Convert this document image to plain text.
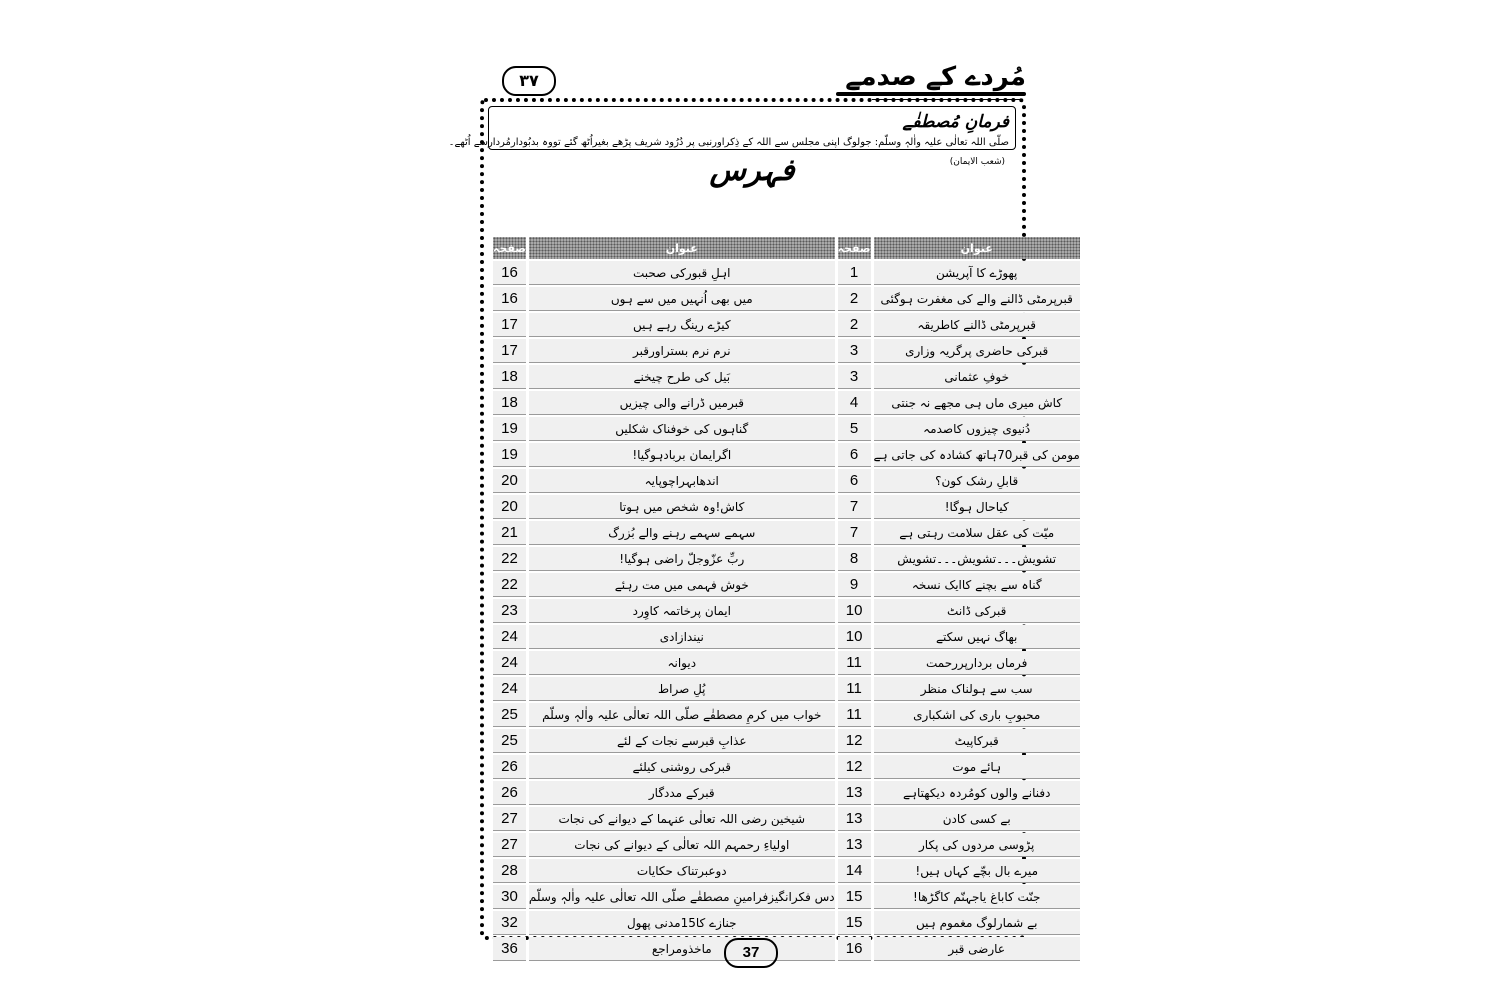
مُردے کے صدمے
۳۷
فرمانِ مُصطفٰے صلّی اللہ تعالٰی علیہ واٰلہٖ وسلّم: جولوگ اپنی مجلس سے اللہ کے ذِکراورنبی پر دُرُود شریف پڑھے بغیراُٹھ گئے تووہ بدبُودارمُردارسے اُٹھے۔ (شعب الایمان)
فہرس
صفحہ	عنوان	صفحہ	عنوان
16	اہلِ قبورکی صحبت	1	پھوڑے کا آپریشن
16	میں بھی اُنہیں میں سے ہوں	2	قبرپرمٹی ڈالنے والے کی مغفرت ہوگئی
17	کیڑے رینگ رہے ہیں	2	قبرپرمٹی ڈالنے کاطریقہ
17	نرم نرم بستراورقبر	3	قبرکی حاضری پرگریہ وزاری
18	بَیل کی طرح چیخنے	3	خوفِ عثمانی
18	قبرمیں ڈرانے والی چیزیں	4	کاش میری ماں ہی مجھے نہ جنتی
19	گناہوں کی خوفناک شکلیں	5	دُنیوی چیزوں کاصدمہ
19	اگرایمان بربادہوگیا!	6	مومن کی قبر70ہاتھ کشادہ کی جاتی ہے
20	اندھابہراچوپایہ	6	قابلِ رشک کون؟
20	کاش!وہ شخص میں ہوتا	7	کیاحال ہوگا!
21	سہمے سہمے رہنے والے بُزرگ	7	میّت کی عقل سلامت رہتی ہے
22	ربِّ عزّوجلّ راضی ہوگیا!	8	تشویش۔۔۔تشویش۔۔۔تشویش
22	خوش فہمی میں مت رہئے	9	گناہ سے بچنے کاایک نسخہ
23	ایمان پرخاتمہ کاوِرد	10	قبرکی ڈانٹ
24	نیندازادی	10	بھاگ نہیں سکتے
24	دیوانہ	11	فرماں بردارپررحمت
24	پُلِ صراط	11	سب سے ہولناک منظر
25	خواب میں کرمِ مصطفٰے صلّی اللہ تعالٰی علیہ واٰلہٖ وسلّم	11	محبوبِ باری کی اشکباری
25	عذابِ قبرسے نجات کے لئے	12	قبرکاپیٹ
26	قبرکی روشنی کیلئے	12	ہائے موت
26	قبرکے مددگار	13	دفنانے والوں کومُردہ دیکھتاہے
27	شیخین رضی اللہ تعالٰی عنہما کے دیوانے کی نجات	13	بے کسی کادن
27	اولیاءِ رحمہم اللہ تعالٰی کے دیوانے کی نجات	13	پڑوسی مردوں کی پکار
28	دوعبرتناک حکایات	14	میرے بال بچّے کہاں ہیں!
30	دس فکرانگیزفرامینِ مصطفٰے صلّی اللہ تعالٰی علیہ واٰلہٖ وسلّم	15	جنّت کاباغ یاجہنّم کاگڑھا!
32	جنازے کا15مدنی پھول	15	بے شمارلوگ مغموم ہیں
36	ماخذومراجع	16	عارضی قبر
37
